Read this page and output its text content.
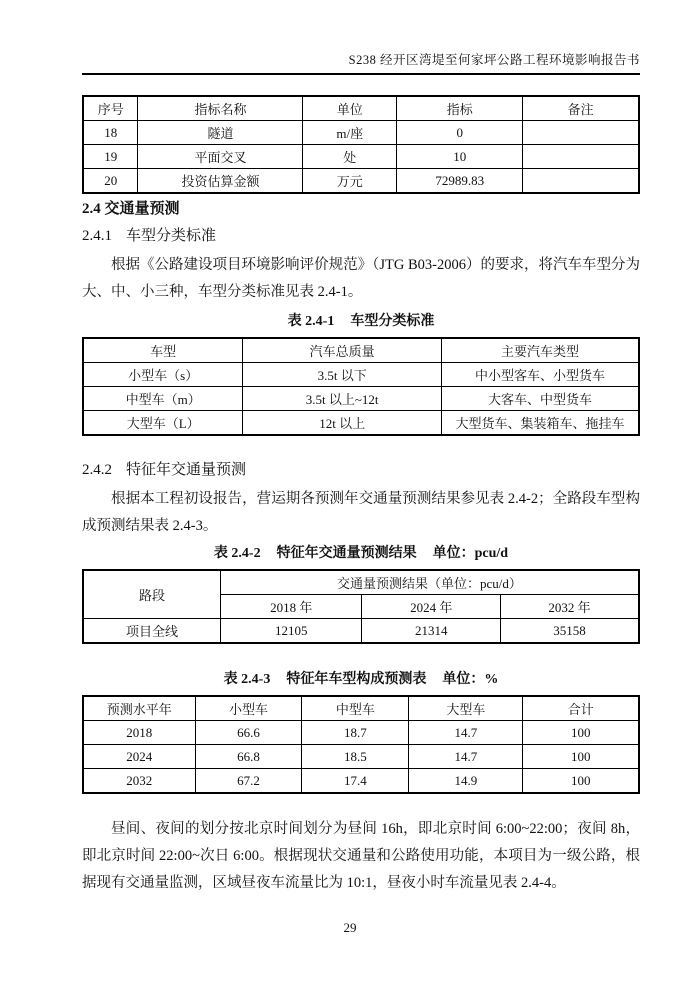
S238 经开区湾堤至何家坪公路工程环境影响报告书
序号	指标名称	单位	指标	备注
18	隧道	m/座	0	
19	平面交叉	处	10	
20	投资估算金额	万元	72989.83	
2.4 交通量预测
2.4.1 车型分类标准

根据《公路建设项目环境影响评价规范》（JTG B03-2006）的要求，将汽车车型分为大、中、小三种，车型分类标准见表 2.4-1。

表 2.4-1 车型分类标准
车型	汽车总质量	主要汽车类型
小型车（s）	3.5t 以下	中小型客车、小型货车
中型车（m）	3.5t 以上~12t	大客车、中型货车
大型车（L）	12t 以上	大型货车、集装箱车、拖挂车
2.4.2 特征年交通量预测

根据本工程初设报告，营运期各预测年交通量预测结果参见表 2.4-2；全路段车型构成预测结果表 2.4-3。

表 2.4-2 特征年交通量预测结果 单位：pcu/d
路段	交通量预测结果（单位：pcu/d）		
	2018 年	2024 年	2032 年
项目全线	12105	21314	35158
表 2.4-3 特征年车型构成预测表 单位：%
预测水平年	小型车	中型车	大型车	合计
2018	66.6	18.7	14.7	100
2024	66.8	18.5	14.7	100
2032	67.2	17.4	14.9	100

昼间、夜间的划分按北京时间划分为昼间 16h，即北京时间 6:00~22:00；夜间 8h，即北京时间 22:00~次日 6:00。根据现状交通量和公路使用功能，本项目为一级公路，根据现有交通量监测，区域昼夜车流量比为 10:1，昼夜小时车流量见表 2.4-4。

29
